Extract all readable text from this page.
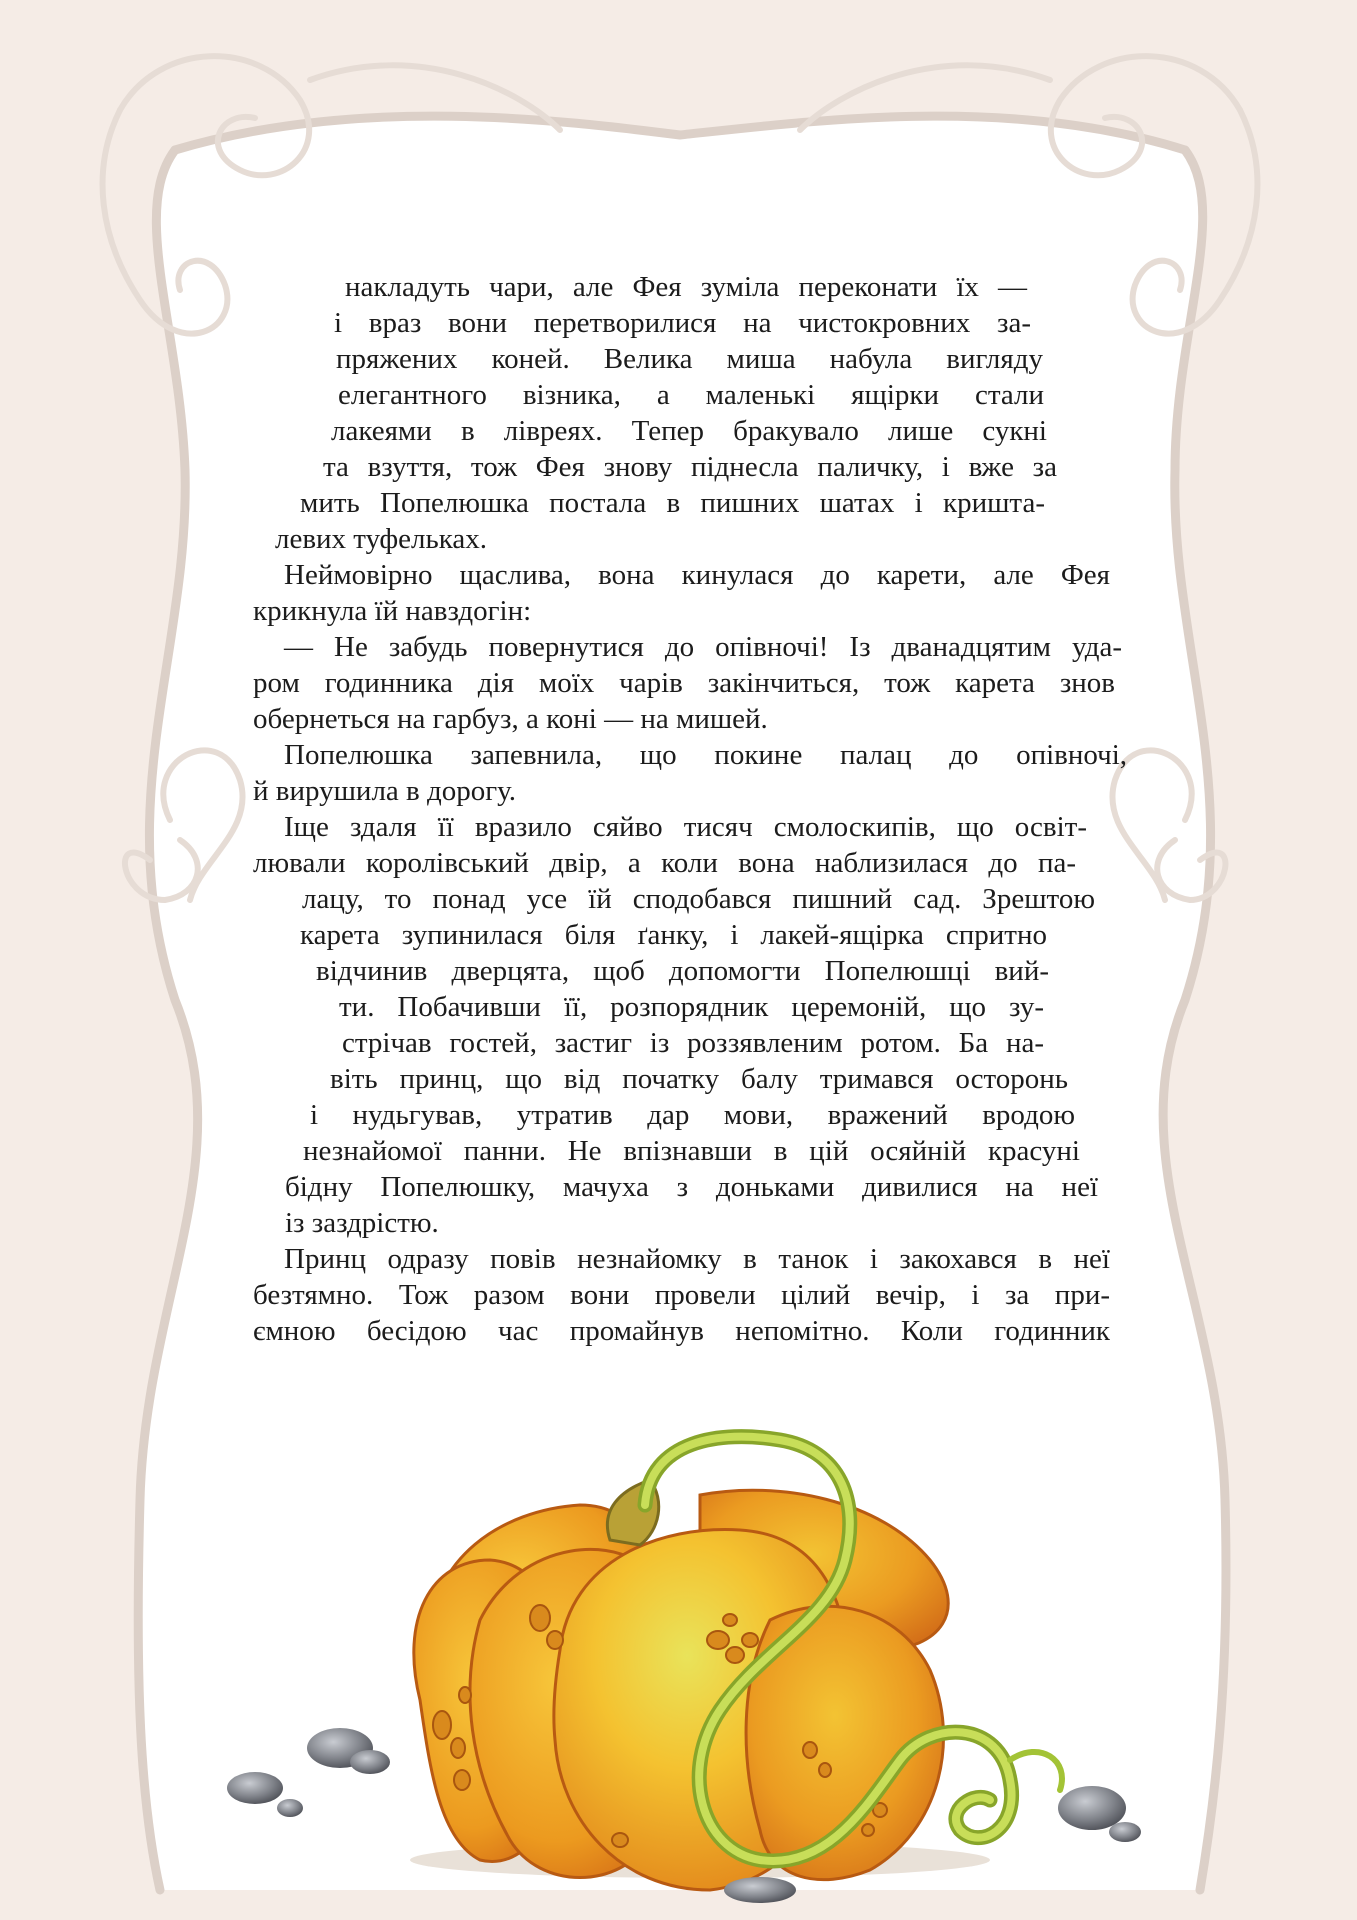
накладуть чари, але Фея зуміла переконати їх —
і враз вони перетворилися на чистокровних за-
пряжених коней. Велика миша набула вигляду
елегантного візника, а маленькі ящірки стали
лакеями в лівреях. Тепер бракувало лише сукні
та взуття, тож Фея знову піднесла паличку, і вже за
мить Попелюшка постала в пишних шатах і кришта-
левих туфельках.
Неймовірно щаслива, вона кинулася до карети, але Фея
крикнула їй навздогін:
— Не забудь повернутися до опівночі! Із дванадцятим уда-
ром годинника дія моїх чарів закінчиться, тож карета знов
обернеться на гарбуз, а коні — на мишей.
Попелюшка запевнила, що покине палац до опівночі,
й вирушила в дорогу.
Іще здаля її вразило сяйво тисяч смолоскипів, що освіт-
лювали королівський двір, а коли вона наблизилася до па-
лацу, то понад усе їй сподобався пишний сад. Зрештою
карета зупинилася біля ґанку, і лакей-ящірка спритно
відчинив дверцята, щоб допомогти Попелюшці вий-
ти. Побачивши її, розпорядник церемоній, що зу-
стрічав гостей, застиг із роззявленим ротом. Ба на-
віть принц, що від початку балу тримався осторонь
і нудьгував, утратив дар мови, вражений вродою
незнайомої панни. Не впізнавши в цій осяйній красуні
бідну Попелюшку, мачуха з доньками дивилися на неї
із заздрістю.
Принц одразу повів незнайомку в танок і закохався в неї
безтямно. Тож разом вони провели цілий вечір, і за при-
ємною бесідою час промайнув непомітно. Коли годинник
